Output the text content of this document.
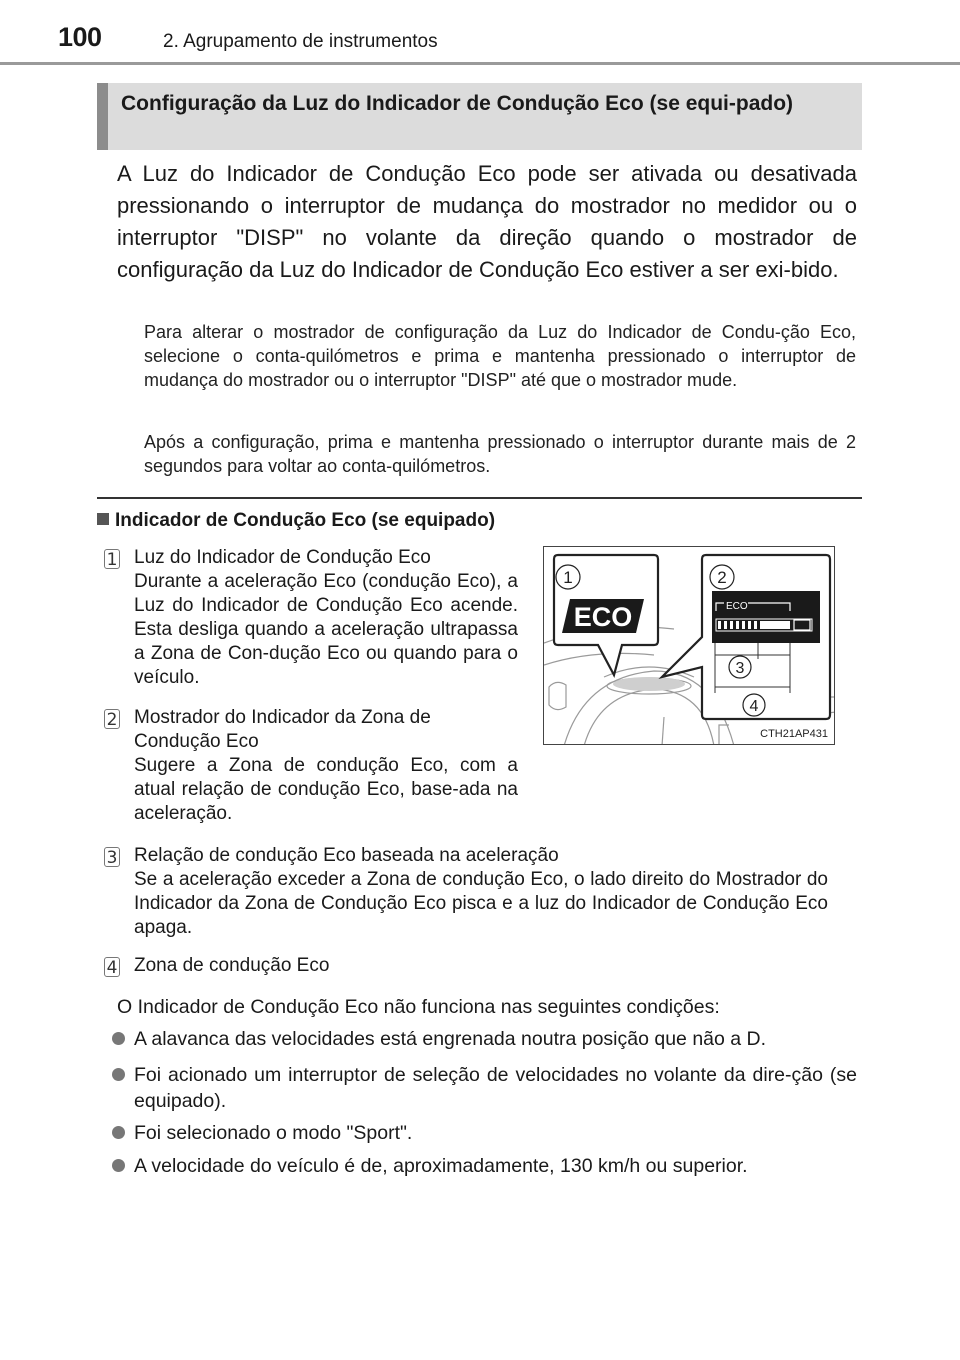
100	2. Agrupamento de instrumentos
Configuração da Luz do Indicador de Condução Eco (se equi-pado)
A Luz do Indicador de Condução Eco pode ser ativada ou desativada pressionando o interruptor de mudança do mostrador no medidor ou o interruptor "DISP" no volante da direção quando o mostrador de configuração da Luz do Indicador de Condução Eco estiver a ser exi-bido.
Para alterar o mostrador de configuração da Luz do Indicador de Condu-ção Eco, selecione o conta-quilómetros e prima e mantenha pressionado o interruptor de mudança do mostrador ou o interruptor "DISP" até que o mostrador mude.
Após a configuração, prima e mantenha pressionado o interruptor durante mais de 2 segundos para voltar ao conta-quilómetros.
Indicador de Condução Eco (se equipado)
1 Luz do Indicador de Condução Eco
Durante a aceleração Eco (condução Eco), a Luz do Indicador de Condução Eco acende. Esta desliga quando a aceleração ultrapassa a Zona de Con-dução Eco ou quando para o veículo.
2 Mostrador do Indicador da Zona de Condução Eco
Sugere a Zona de condução Eco, com a atual relação de condução Eco, base-ada na aceleração.
3 Relação de condução Eco baseada na aceleração
Se a aceleração exceder a Zona de condução Eco, o lado direito do Mostrador do Indicador da Zona de Condução Eco pisca e a luz do Indicador de Condução Eco apaga.
4 Zona de condução Eco
1
ECO
2
ECO
3
4
CTH21AP431
O Indicador de Condução Eco não funciona nas seguintes condições:
A alavanca das velocidades está engrenada noutra posição que não a D.
Foi acionado um interruptor de seleção de velocidades no volante da dire-ção (se equipado).
Foi selecionado o modo "Sport".
A velocidade do veículo é de, aproximadamente, 130 km/h ou superior.
